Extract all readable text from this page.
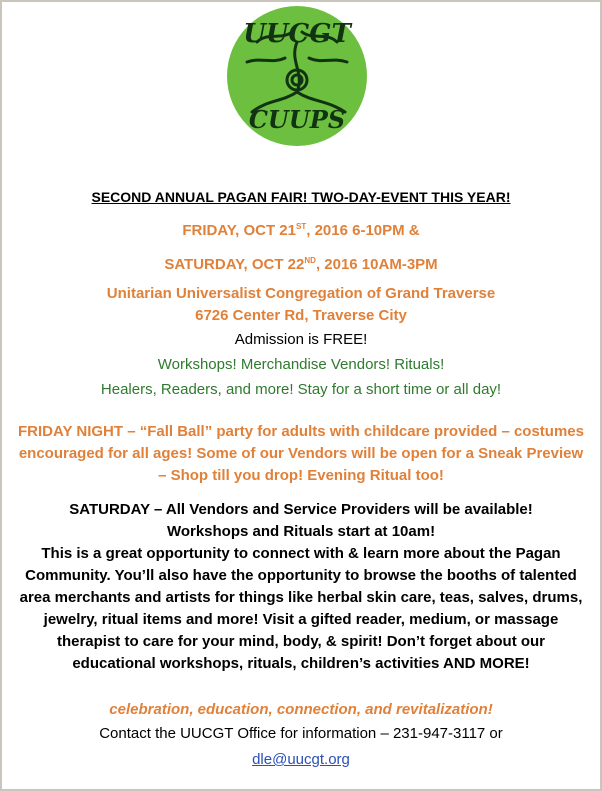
UUCGT
CUUPS
SECOND ANNUAL PAGAN FAIR! TWO-DAY-EVENT THIS YEAR!
FRIDAY, OCT 21ST, 2016 6-10PM &
SATURDAY, OCT 22ND, 2016 10AM-3PM
Unitarian Universalist Congregation of Grand Traverse
6726 Center Rd, Traverse City
Admission is FREE!
Workshops! Merchandise Vendors! Rituals!
Healers, Readers, and more! Stay for a short time or all day!
FRIDAY NIGHT – “Fall Ball” party for adults with childcare provided – costumes
encouraged for all ages! Some of our Vendors will be open for a Sneak Preview
– Shop till you drop! Evening Ritual too!
SATURDAY – All Vendors and Service Providers will be available!
Workshops and Rituals start at 10am!
This is a great opportunity to connect with & learn more about the Pagan
Community. You’ll also have the opportunity to browse the booths of talented
area merchants and artists for things like herbal skin care, teas, salves, drums,
jewelry, ritual items and more! Visit a gifted reader, medium, or massage
therapist to care for your mind, body, & spirit! Don’t forget about our
educational workshops, rituals, children’s activities AND MORE!
celebration, education, connection, and revitalization!
Contact the UUCGT Office for information – 231-947-3117 or
dle@uucgt.org
